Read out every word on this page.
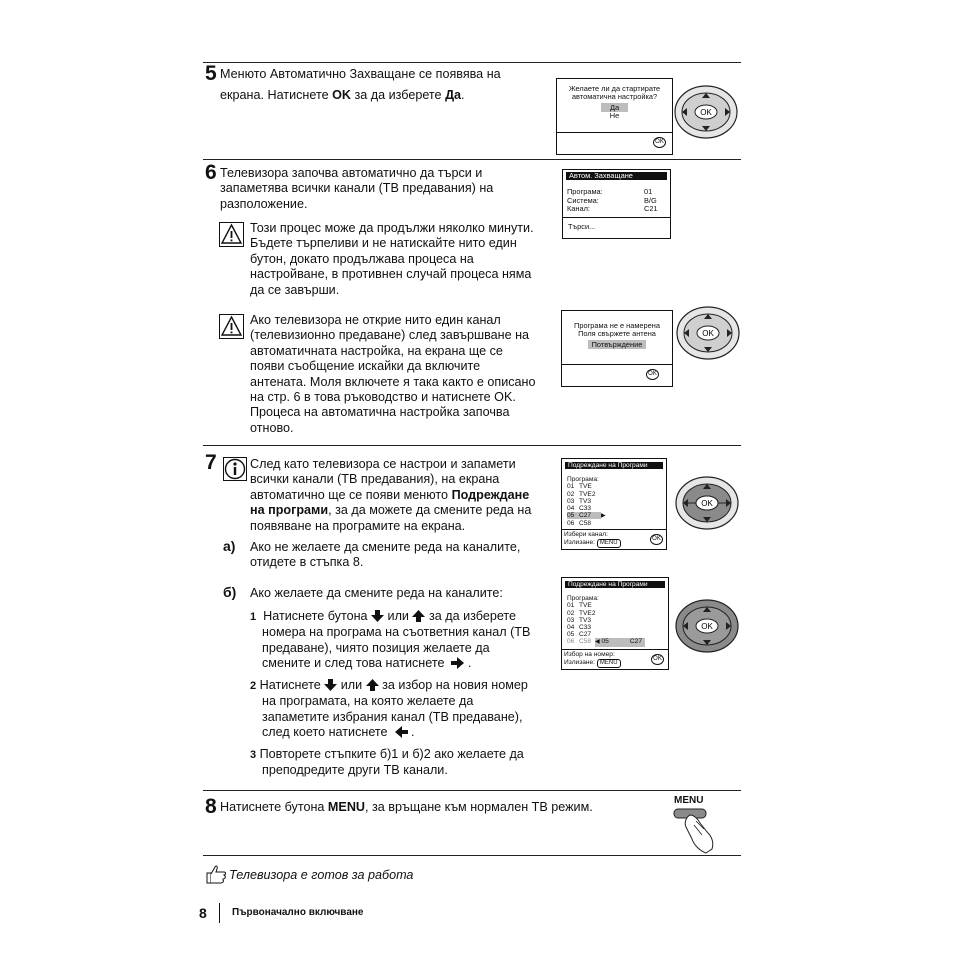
5 Менюто Автоматично Захващане се появява на
екрана. Натиснете OK за да изберете Да.	Желаете ли да стартирате
автоматична настройка?
Да
Не
OK
OK
6 Телевизора започва автоматично да търси и
запаметява всички канали (ТВ предавания) на
разположение.
Този процес може да продължи няколко минути.
Бъдете търпеливи и не натискайте нито един
бутон, докато продължава процеса на
настройване, в противнен случай процеса няма
да се завърши.
Автом. Захващане
Програма:	01
Система:	B/G
Канал:	C21
Търси...
Ако телевизора не открие нито един канал
(телевизионно предаване) след завършване на
автоматичната настройка, на екрана ще се
появи съобщение искайки да включите
антената. Моля включете я така както е описано
на стр. 6 в това ръководство и натиснете OK.
Процеса на автоматична настройка започва
отново.
Програма не е намерена
Поля свържете антена
Потвърждение
OK
OK
7	След като телевизора се настрои и запамети
всички канали (ТВ предавания), на екрана
автоматично ще се появи менюто Подреждане
на програми, за да можете да смените реда на
появяване на програмите на екрана.
а) Ако не желаете да смените реда на каналите,
отидете в стъпка 8.
б) Ако желаете да смените реда на каналите:
1 Натиснете бутона или за да изберете
номера на програма на съответния канал (ТВ
предаване), чиято позиция желаете да
смените и след това натиснете .
2 Натиснете или за избор на новия номер
на програмата, на която желаете да
запаметите избрания канал (ТВ предаване),
след което натиснете .
3 Повторете стъпките б)1 и б)2 ако желаете да
преподредите други ТВ канали.
Подреждане на Програми
Програма:
01 TVE
02 TVE2
03 TV3
04 C33
05 C27 ▶
06 C58
Избери канал:
Излизане: MENU
OK
OK
Подреждане на Програми
Програма:
01 TVE
02 TVE2
03 TV3
04 C33
05 C27
06 C58 ◀ 05	C27
Избор на номер:
Излизане: MENU
OK
OK
8 Натиснете бутона MENU, за връщане към нормален ТВ режим.	MENU
Телевизора е готов за работа
8	Първоначално включване
